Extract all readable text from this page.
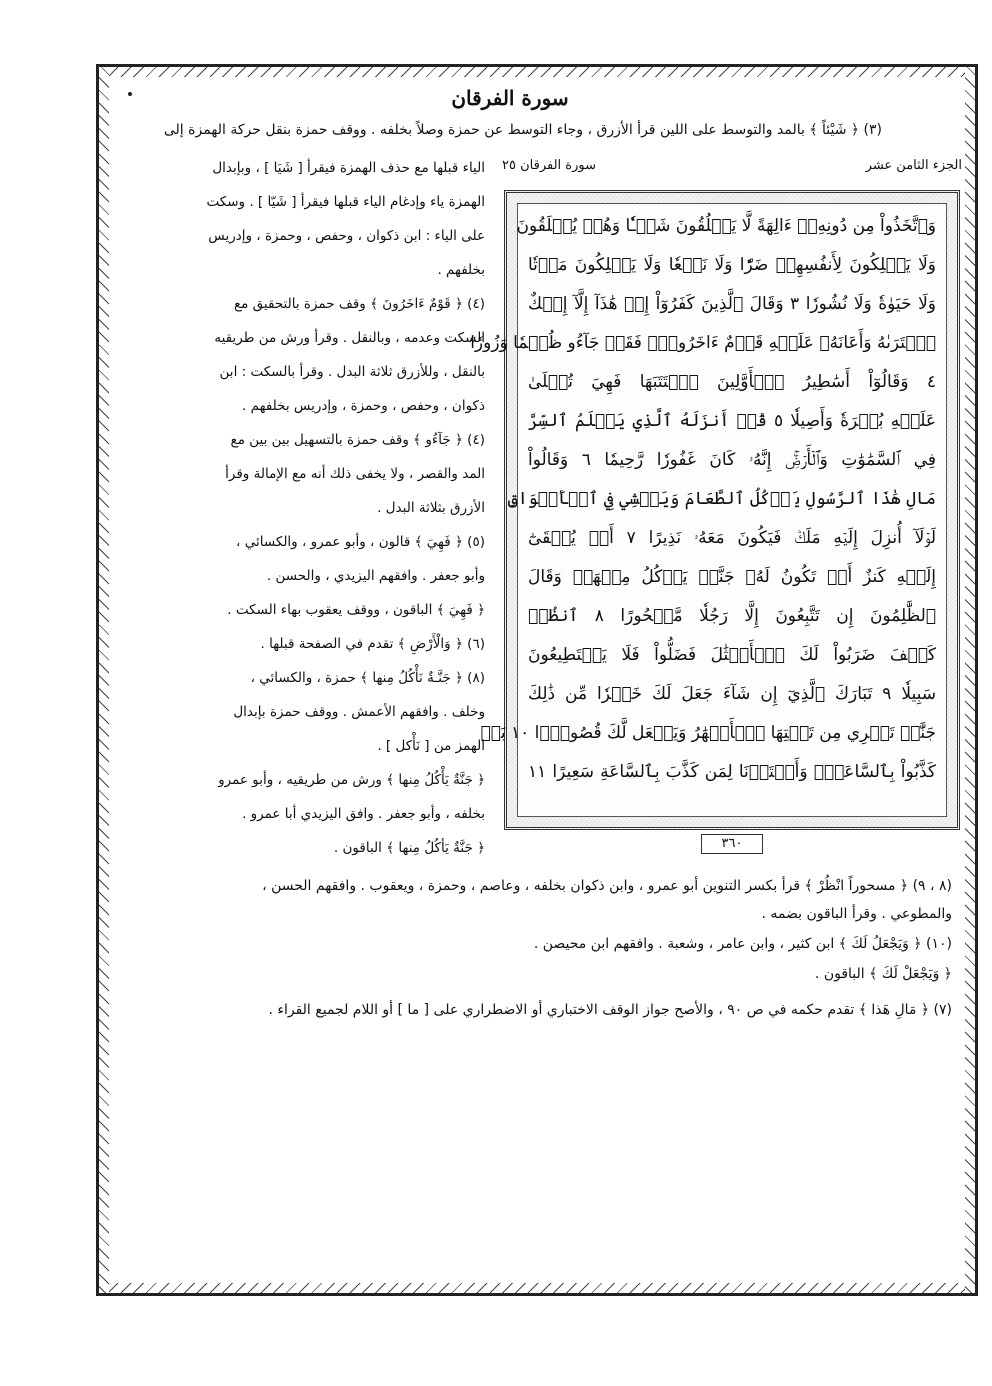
سورة الفرقان
(٣) ﴿ شَيْئاً ﴾ بالمد والتوسط على اللين قرأ الأزرق ، وجاء التوسط عن حمزة وصلاً بخلفه . ووقف حمزة بنقل حركة الهمزة إلى
الجزء الثامن عشر
سورة الفرقان ٢٥
وَٱتَّخَذُواْ مِن دُونِهِۦٓ ءَالِهَةً لَّا يَخۡلُقُونَ شَيۡـٔٗا وَهُمۡ يُخۡلَقُونَ
وَلَا يَمۡلِكُونَ لِأَنفُسِهِمۡ ضَرّٗا وَلَا نَفۡعٗا وَلَا يَمۡلِكُونَ مَوۡتٗا
وَلَا حَيَوٰةٗ وَلَا نُشُورٗا ٣ وَقَالَ ٱلَّذِينَ كَفَرُوٓاْ إِنۡ هَٰذَآ إِلَّآ إِفۡكٌ
ٱفۡتَرَىٰهُ وَأَعَانَهُۥ عَلَيۡهِ قَوۡمٌ ءَاخَرُونَۖ فَقَدۡ جَآءُو ظُلۡمٗا وَزُورٗا
٤ وَقَالُوٓاْ أَسَٰطِيرُ ٱلۡأَوَّلِينَ ٱكۡتَتَبَهَا فَهِيَ تُمۡلَىٰ
عَلَيۡهِ بُكۡرَةٗ وَأَصِيلٗا ٥ قُلۡ أَنزَلَهُ ٱلَّذِي يَعۡلَمُ ٱلسِّرَّ
فِي ٱلسَّمَٰوَٰتِ وَٱلۡأَرۡضِۚ إِنَّهُۥ كَانَ غَفُورٗا رَّحِيمٗا ٦ وَقَالُواْ
مَالِ هَٰذَا ٱلرَّسُولِ يَأۡكُلُ ٱلطَّعَامَ وَيَمۡشِي فِي ٱلۡأَسۡوَاقِ
لَوۡلَآ أُنزِلَ إِلَيۡهِ مَلَكٞ فَيَكُونَ مَعَهُۥ نَذِيرًا ٧ أَوۡ يُلۡقَىٰٓ
إِلَيۡهِ كَنزٌ أَوۡ تَكُونُ لَهُۥ جَنَّةٞ يَأۡكُلُ مِنۡهَاۚ وَقَالَ
ٱلظَّٰلِمُونَ إِن تَتَّبِعُونَ إِلَّا رَجُلٗا مَّسۡحُورًا ٨ ٱنظُرۡ
كَيۡفَ ضَرَبُواْ لَكَ ٱلۡأَمۡثَٰلَ فَضَلُّواْ فَلَا يَسۡتَطِيعُونَ
سَبِيلٗا ٩ تَبَارَكَ ٱلَّذِيٓ إِن شَآءَ جَعَلَ لَكَ خَيۡرٗا مِّن ذَٰلِكَ
جَنَّٰتٖ تَجۡرِي مِن تَحۡتِهَا ٱلۡأَنۡهَٰرُ وَيَجۡعَل لَّكَ قُصُورَۢا ١٠ بَلۡ
كَذَّبُواْ بِٱلسَّاعَةِۖ وَأَعۡتَدۡنَا لِمَن كَذَّبَ بِٱلسَّاعَةِ سَعِيرًا ١١
٣٦٠
الياء قبلها مع حذف الهمزة فيقرأ [ شَيَا ] ، وبإبدال
الهمزة ياء وإدغام الياء قبلها فيقرأ [ شَيّا ] . وسكت
على الياء : ابن ذكوان ، وحفص ، وحمزة ، وإدريس
بخلفهم .
(٤) ﴿ قَوْمٌ ءَاخَرُونَ ﴾ وقف حمزة بالتحقيق مع
السكت وعدمه ، وبالنقل . وقرأ ورش من طريقيه
بالنقل ، وللأزرق ثلاثة البدل . وقرأ بالسكت : ابن
ذكوان ، وحفص ، وحمزة ، وإدريس بخلفهم .
(٤) ﴿ جَآءُو ﴾ وقف حمزة بالتسهيل بين بين مع
المد والقصر ، ولا يخفى ذلك أنه مع الإمالة وقرأ
الأزرق بثلاثة البدل .
(٥) ﴿ فَهِيَ ﴾ قالون ، وأبو عمرو ، والكسائي ،
وأبو جعفر . وافقهم اليزيدي ، والحسن .
﴿ فَهِيَ ﴾ الباقون ، ووقف يعقوب بهاء السكت .
(٦) ﴿ وَالْأَرْضِ ﴾ تقدم في الصفحة قبلها .
(٨) ﴿ جَنَّـةٌ نَأْكُلُ مِنها ﴾ حمزة ، والكسائي ،
وخلف . وافقهم الأعمش . ووقف حمزة بإبدال
الهمز من [ نَأْكل ] .
﴿ جَنَّةٌ يَأْكُلُ مِنها ﴾ ورش من طريقيه ، وأبو عمرو
بخلفه ، وأبو جعفر . وافق اليزيدي أبا عمرو .
﴿ جَنَّةٌ يَأكُلُ مِنها ﴾ الباقون .
(٨ ، ٩) ﴿ مسحوراً انْظُرْ ﴾ قرأ بكسر التنوين أبو عمرو ، وابن ذكوان بخلفه ، وعاصم ، وحمزة ، ويعقوب . وافقهم الحسن ،
والمطوعي . وقرأ الباقون بضمه .
(١٠) ﴿ وَيَجْعَلُ لَكَ ﴾ ابن كثير ، وابن عامر ، وشعبة . وافقهم ابن محيصن .
﴿ وَيَجْعَلْ لَكَ ﴾ الباقون .
(٧) ﴿ مَالِ هَذا ﴾ تقدم حكمه في ص ٩٠ ، والأصح جواز الوقف الاختباري أو الاضطراري على [ ما ] أو اللام لجميع القراء .
